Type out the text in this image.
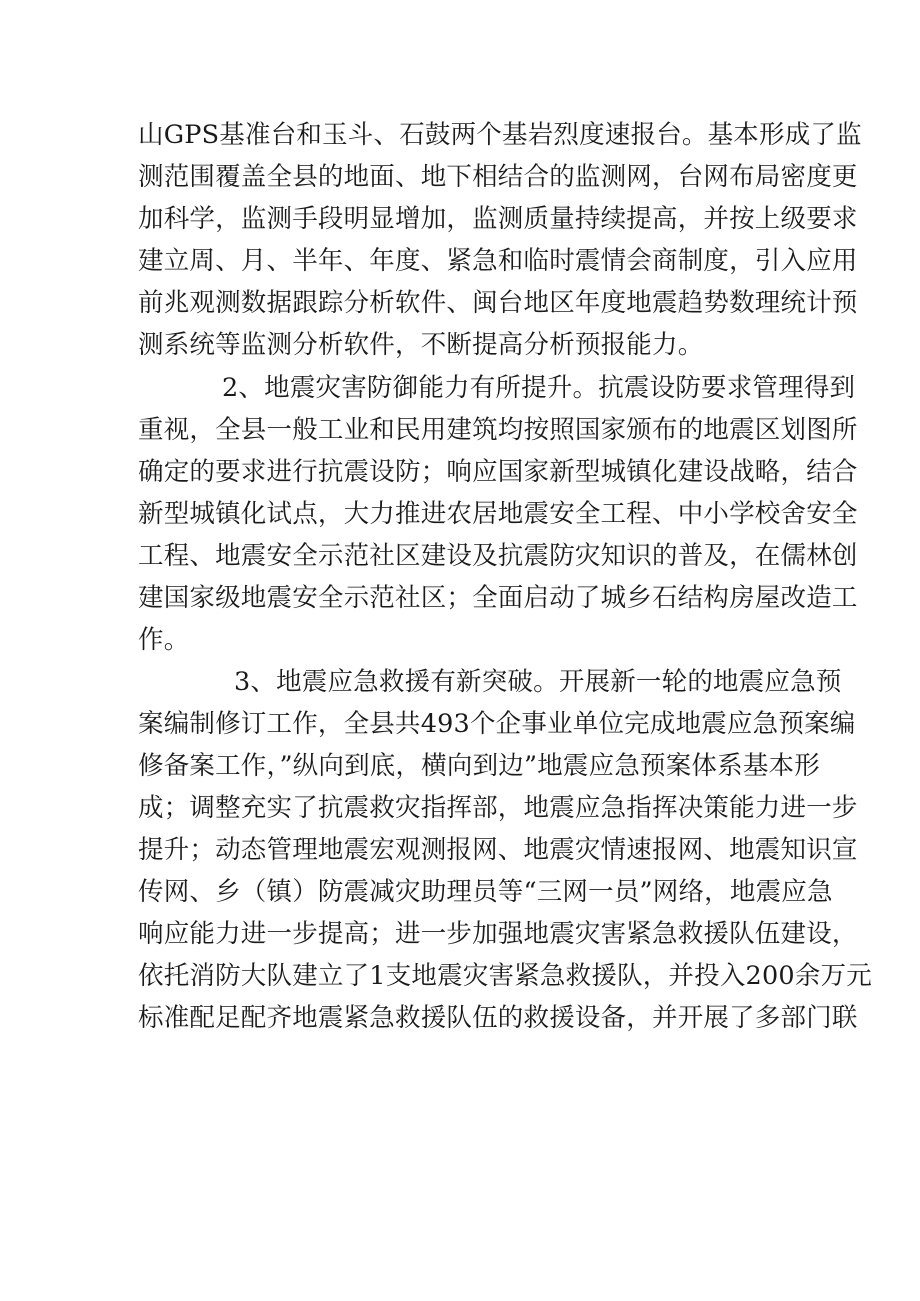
山GPS基准台和玉斗、石鼓两个基岩烈度速报台。基本形成了监
测范围覆盖全县的地面、地下相结合的监测网，台网布局密度更
加科学，监测手段明显增加，监测质量持续提高，并按上级要求
建立周、月、半年、年度、紧急和临时震情会商制度，引入应用
前兆观测数据跟踪分析软件、闽台地区年度地震趋势数理统计预
测系统等监测分析软件，不断提高分析预报能力。
2、地震灾害防御能力有所提升。抗震设防要求管理得到
重视，全县一般工业和民用建筑均按照国家颁布的地震区划图所
确定的要求进行抗震设防；响应国家新型城镇化建设战略，结合
新型城镇化试点，大力推进农居地震安全工程、中小学校舍安全
工程、地震安全示范社区建设及抗震防灾知识的普及，在儒林创
建国家级地震安全示范社区；全面启动了城乡石结构房屋改造工
作。
3、地震应急救援有新突破。开展新一轮的地震应急预
案编制修订工作，全县共493个企事业单位完成地震应急预案编
修备案工作，”纵向到底，横向到边”地震应急预案体系基本形
成；调整充实了抗震救灾指挥部，地震应急指挥决策能力进一步
提升；动态管理地震宏观测报网、地震灾情速报网、地震知识宣
传网、乡（镇）防震减灾助理员等“三网一员”网络，地震应急
响应能力进一步提高；进一步加强地震灾害紧急救援队伍建设，
依托消防大队建立了1支地震灾害紧急救援队，并投入200余万元
标准配足配齐地震紧急救援队伍的救援设备，并开展了多部门联
